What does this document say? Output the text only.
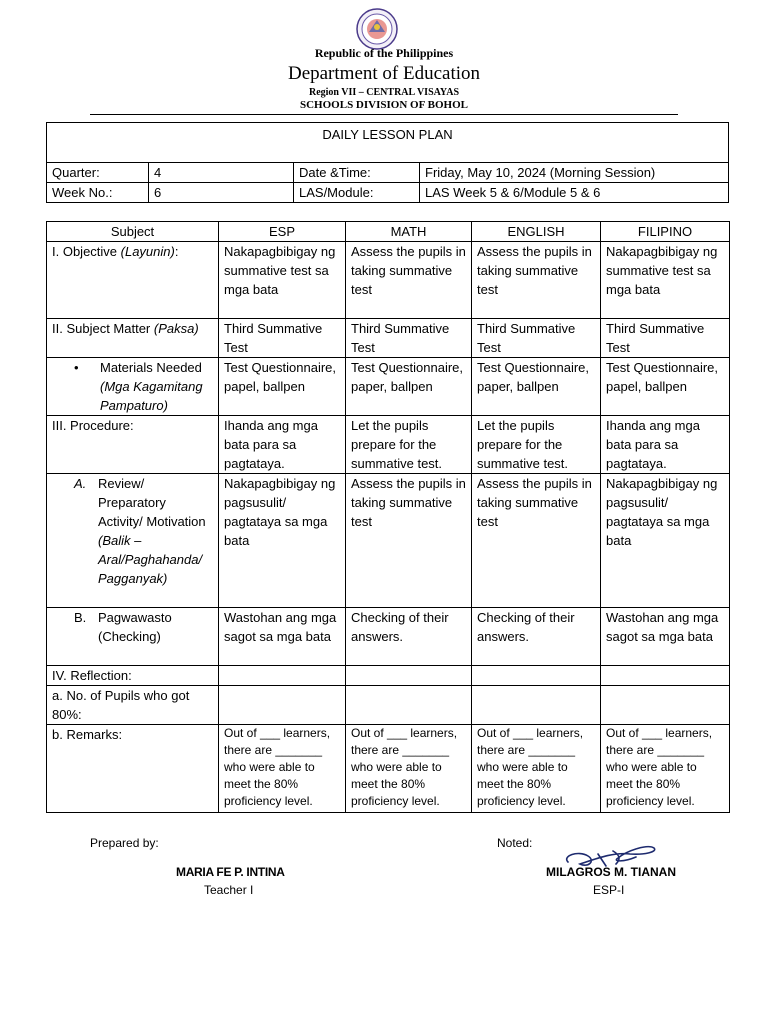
Republic of the Philippines
Department of Education
Region VII – CENTRAL VISAYAS
SCHOOLS DIVISION OF BOHOL
DAILY LESSON PLAN			
Quarter:	4	Date &Time:	Friday, May 10, 2024 (Morning Session)
Week No.:	6	LAS/Module:	LAS Week 5 & 6/Module 5 & 6
Subject	ESP	MATH	ENGLISH	FILIPINO
I. Objective (Layunin):	Nakapagbibigay ng summative test sa mga bata	Assess the pupils in taking summative test	Assess the pupils in taking summative test	Nakapagbibigay ng summative test sa mga bata
II. Subject Matter (Paksa)	Third Summative Test	Third Summative Test	Third Summative Test	Third Summative Test

• Materials Needed
(Mga Kagamitang Pampaturo)	Test Questionnaire, papel, ballpen	Test Questionnaire, paper, ballpen	Test Questionnaire, paper, ballpen	Test Questionnaire, papel, ballpen
III. Procedure:	Ihanda ang mga bata para sa pagtataya.	Let the pupils prepare for the summative test.	Let the pupils prepare for the summative test.	Ihanda ang mga bata para sa pagtataya.

A. Review/ Preparatory Activity/ Motivation
(Balik – Aral/Paghahanda/ Pagganyak)	Nakapagbibigay ng pagsusulit/ pagtataya sa mga bata	Assess the pupils in taking summative test	Assess the pupils in taking summative test	Nakapagbibigay ng pagsusulit/ pagtataya sa mga bata

B. Pagwawasto (Checking)	Wastohan ang mga sagot sa mga bata	Checking of their answers.	Checking of their answers.	Wastohan ang mga sagot sa mga bata
IV. Reflection:				
a. No. of Pupils who got 80%:				
b. Remarks:	Out of ___ learners, there are _______ who were able to meet the 80% proficiency level.	Out of ___ learners, there are _______ who were able to meet the 80% proficiency level.	Out of ___ learners, there are _______ who were able to meet the 80% proficiency level.	Out of ___ learners, there are _______ who were able to meet the 80% proficiency level.
Prepared by:	Noted:
MARIA FE P. INTINA
Teacher I
MILAGROS M. TIANAN
ESP-I
